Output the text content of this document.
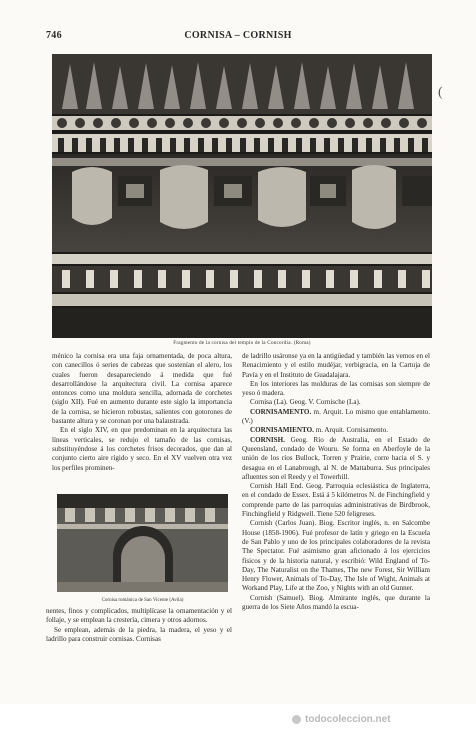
746	CORNISA – CORNISH
(
Fragmento de la cornisa del templo de la Concordia. (Roma)

ménico la cornisa era una faja ornamentada, de poca altura, con canecillos ó series de cabezas que sostenían el alero, los cuales fueron desapareciendo á medida que fué desarrollándose la arquitectura civil. La cornisa aparece entonces como una moldura sencilla, adornada de corchetes (siglo XII). Fué en aumento durante este siglo la importancia de la cornisa, se hicieron robustas, salientes con gotorones de bastante altura y se coronan por una balaustrada.

En el siglo XIV, en que predominan en la arquitectura las líneas verticales, se redujo el tamaño de las cornisas, substituyéndose á los corchetes frisos decorados, que dan al conjunto cierto aire rígido y seco. En el XV vuelven otra vez los perfiles prominen-

Cornisa románica de San Vicente (Avila)

nentes, finos y complicados, multiplícase la ornamentación y el follaje, y se emplean la crestería, cimera y otros adornos.

Se emplean, además de la piedra, la madera, el yeso y el ladrillo para construir cornisas. Cornisas

de ladrillo usáronse ya en la antigüedad y también las vemos en el Renacimiento y el estilo mudéjar, verbigracia, en la Cartuja de Pavía y en el Instituto de Guadalajara.

En los interiores las molduras de las cornisas son siempre de yeso ó madera.

Cornisa (La). Geog. V. Cornische (La).

CORNISAMENTO. m. Arquit. Lo mismo que entablamento. (V.)

CORNISAMIENTO. m. Arquit. Cornisamento.

CORNISH. Geog. Río de Australia, en el Estado de Queensland, condado de Wouru. Se forma en Aberfoyle de la unión de los ríos Bullock, Torren y Prairie, corre hacia el S. y desagua en el Lanabrough, al N. de Mattaburra. Sus principales afluentes son el Reedy y el Towerhill.

Cornish Hall End. Geog. Parroquia eclesiástica de Inglaterra, en el condado de Essex. Está á 5 kilómetros N. de Finchingfield y comprende parte de las parroquias administrativas de Birdbrook, Finchingfield y Ridgwell. Tiene 520 feligreses.

Cornish (Carlos Juan). Biog. Escritor inglés, n. en Salcombe House (1858-1906). Fué profesor de latín y griego en la Escuela de San Pablo y uno de los principales colaboradores de la revista The Spectator. Fué asimismo gran aficionado á los ejercicios físicos y de la historia natural, y escribió: Wild England of To-Day, The Naturalist on the Thames, The new Forest, Sir William Henry Flower, Animals of To-Day, The Isle of Wight, Animals at Workand Play, Life at the Zoo, y Nights with an old Gunner.

Cornish (Samuel). Biog. Almirante inglés, que durante la guerra de los Siete Años mandó la escua-

todocoleccion.net
